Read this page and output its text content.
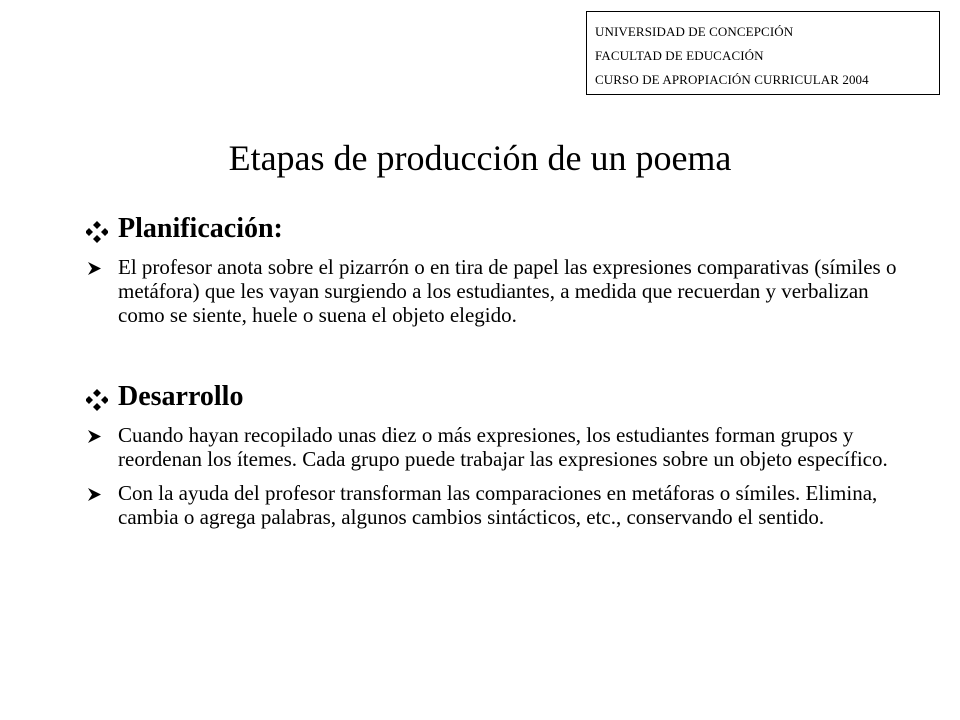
UNIVERSIDAD DE CONCEPCIÓN
FACULTAD DE EDUCACIÓN
CURSO DE APROPIACIÓN CURRICULAR 2004
Etapas de producción de un poema
Planificación:
El profesor anota sobre el pizarrón o en tira de papel las expresiones comparativas (símiles o metáfora) que les vayan surgiendo a los estudiantes, a medida que recuerdan y verbalizan como se siente, huele o suena el objeto elegido.
Desarrollo
Cuando hayan recopilado unas diez o más expresiones, los estudiantes forman grupos y reordenan los ítemes. Cada grupo puede trabajar las expresiones sobre un objeto específico.
Con la ayuda del profesor transforman las comparaciones en metáforas o símiles. Elimina, cambia o agrega palabras, algunos cambios sintácticos, etc., conservando el sentido.
